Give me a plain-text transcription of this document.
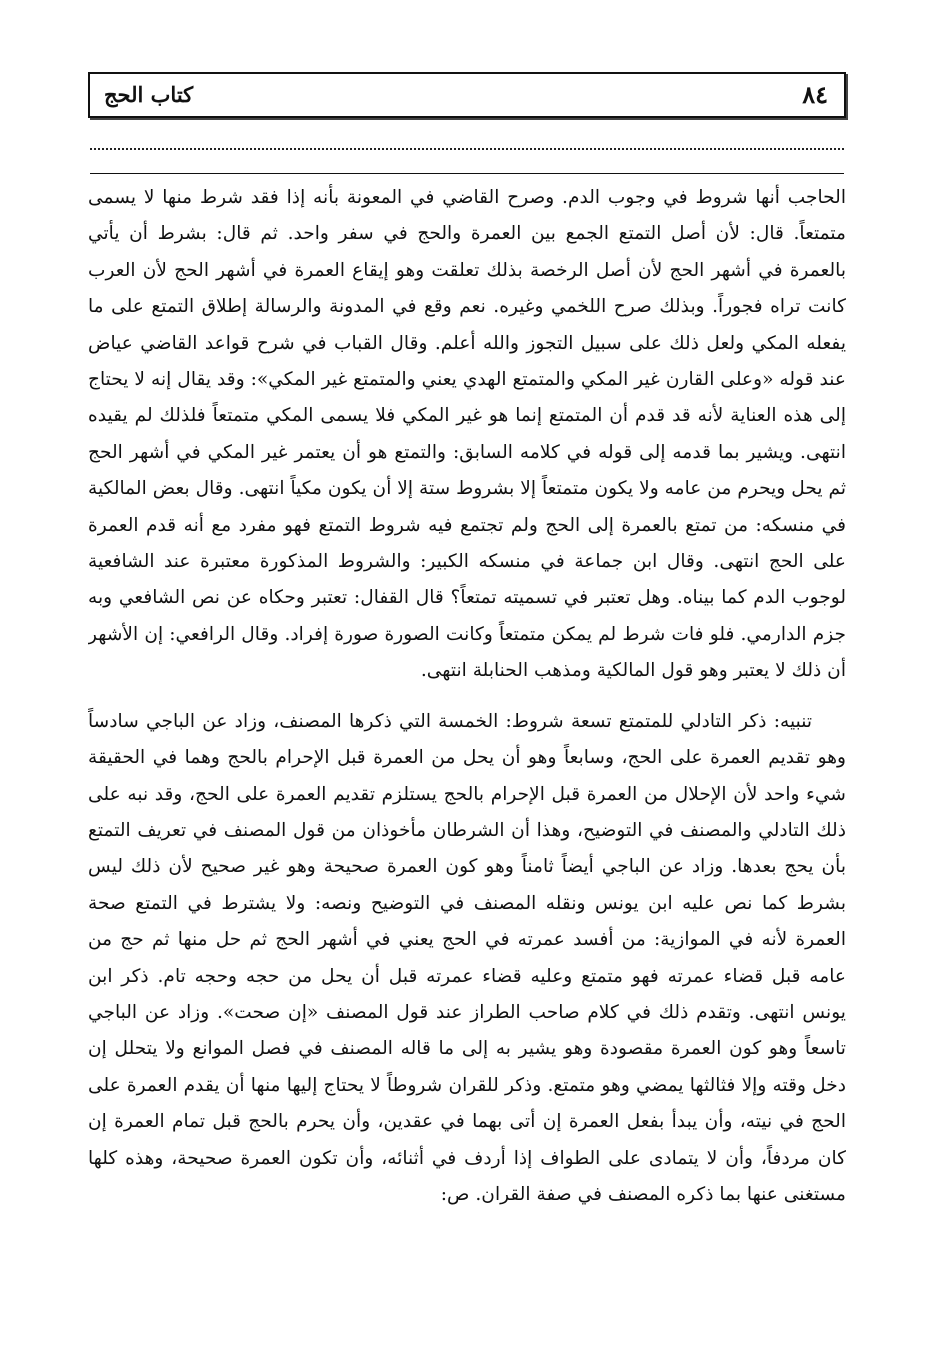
٨٤
كتاب الحج

الحاجب أنها شروط في وجوب الدم. وصرح القاضي في المعونة بأنه إذا فقد شرط منها لا يسمى متمتعاً. قال: لأن أصل التمتع الجمع بين العمرة والحج في سفر واحد. ثم قال: بشرط أن يأتي بالعمرة في أشهر الحج لأن أصل الرخصة بذلك تعلقت وهو إيقاع العمرة في أشهر الحج لأن العرب كانت تراه فجوراً. وبذلك صرح اللخمي وغيره. نعم وقع في المدونة والرسالة إطلاق التمتع على ما يفعله المكي ولعل ذلك على سبيل التجوز والله أعلم. وقال القباب في شرح قواعد القاضي عياض عند قوله «وعلى القارن غير المكي والمتمتع الهدي يعني والمتمتع غير المكي»: وقد يقال إنه لا يحتاج إلى هذه العناية لأنه قد قدم أن المتمتع إنما هو غير المكي فلا يسمى المكي متمتعاً فلذلك لم يقيده انتهى. ويشير بما قدمه إلى قوله في كلامه السابق: والتمتع هو أن يعتمر غير المكي في أشهر الحج ثم يحل ويحرم من عامه ولا يكون متمتعاً إلا بشروط ستة إلا أن يكون مكياً انتهى. وقال بعض المالكية في منسكه: من تمتع بالعمرة إلى الحج ولم تجتمع فيه شروط التمتع فهو مفرد مع أنه قدم العمرة على الحج انتهى. وقال ابن جماعة في منسكه الكبير: والشروط المذكورة معتبرة عند الشافعية لوجوب الدم كما بيناه. وهل تعتبر في تسميته تمتعاً؟ قال القفال: تعتبر وحكاه عن نص الشافعي وبه جزم الدارمي. فلو فات شرط لم يمكن متمتعاً وكانت الصورة صورة إفراد. وقال الرافعي: إن الأشهر أن ذلك لا يعتبر وهو قول المالكية ومذهب الحنابلة انتهى.

تنبيه: ذكر التادلي للمتمتع تسعة شروط: الخمسة التي ذكرها المصنف، وزاد عن الباجي سادساً وهو تقديم العمرة على الحج، وسابعاً وهو أن يحل من العمرة قبل الإحرام بالحج وهما في الحقيقة شيء واحد لأن الإحلال من العمرة قبل الإحرام بالحج يستلزم تقديم العمرة على الحج، وقد نبه على ذلك التادلي والمصنف في التوضيح، وهذا أن الشرطان مأخوذان من قول المصنف في تعريف التمتع بأن يحج بعدها. وزاد عن الباجي أيضاً ثامناً وهو كون العمرة صحيحة وهو غير صحيح لأن ذلك ليس بشرط كما نص عليه ابن يونس ونقله المصنف في التوضيح ونصه: ولا يشترط في التمتع صحة العمرة لأنه في الموازية: من أفسد عمرته في الحج يعني في أشهر الحج ثم حل منها ثم حج من عامه قبل قضاء عمرته فهو متمتع وعليه قضاء عمرته قبل أن يحل من حجه وحجه تام. ذكر ابن يونس انتهى. وتقدم ذلك في كلام صاحب الطراز عند قول المصنف «إن صحت». وزاد عن الباجي تاسعاً وهو كون العمرة مقصودة وهو يشير به إلى ما قاله المصنف في فصل الموانع ولا يتحلل إن دخل وقته وإلا فثالثها يمضي وهو متمتع. وذكر للقران شروطاً لا يحتاج إليها منها أن يقدم العمرة على الحج في نيته، وأن يبدأ بفعل العمرة إن أتى بهما في عقدين، وأن يحرم بالحج قبل تمام العمرة إن كان مردفاً، وأن لا يتمادى على الطواف إذا أردف في أثنائه، وأن تكون العمرة صحيحة، وهذه كلها مستغنى عنها بما ذكره المصنف في صفة القران. ص:
